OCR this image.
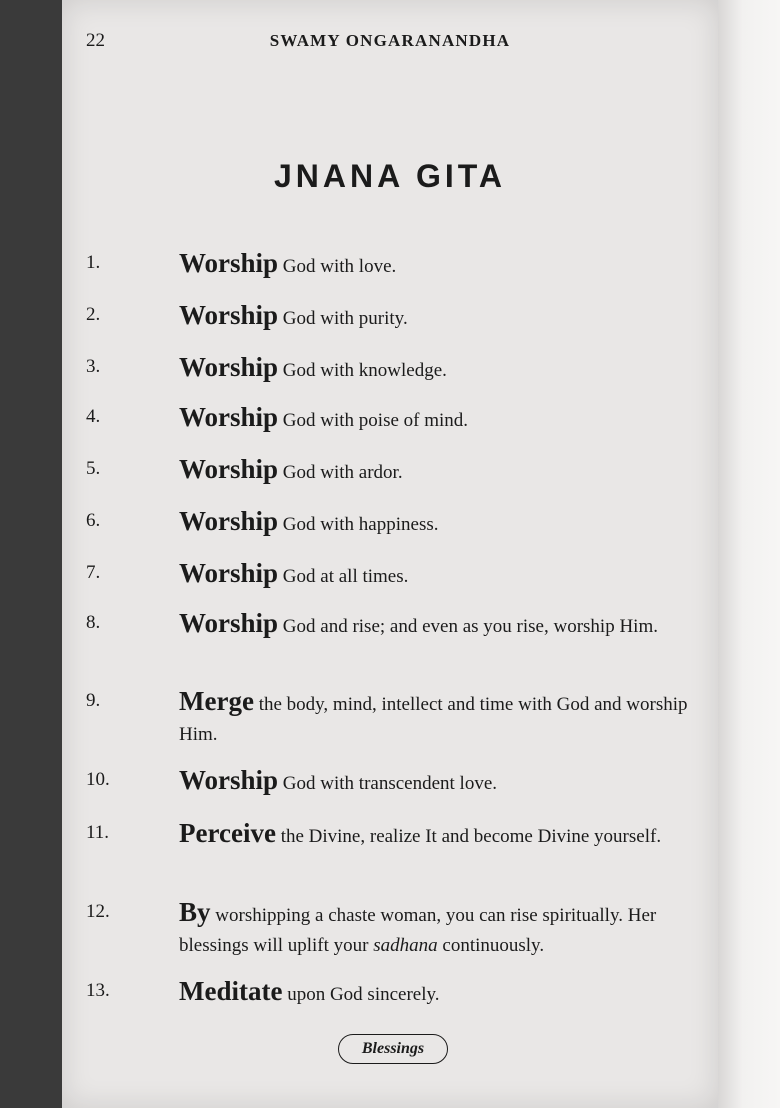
22	SWAMY ONGARANANDHA
JNANA GITA
1.	Worship God with love.
2.	Worship God with purity.
3.	Worship God with knowledge.
4.	Worship God with poise of mind.
5.	Worship God with ardor.
6.	Worship God with happiness.
7.	Worship God at all times.
8.	Worship God and rise; and even as you rise, worship Him.
9.	Merge the body, mind, intellect and time with God and worship Him.
10.	Worship God with transcendent love.
11.	Perceive the Divine, realize It and become Divine yourself.
12.	By worshipping a chaste woman, you can rise spiritually. Her blessings will uplift your sadhana continuously.
13.	Meditate upon God sincerely.
Blessings
